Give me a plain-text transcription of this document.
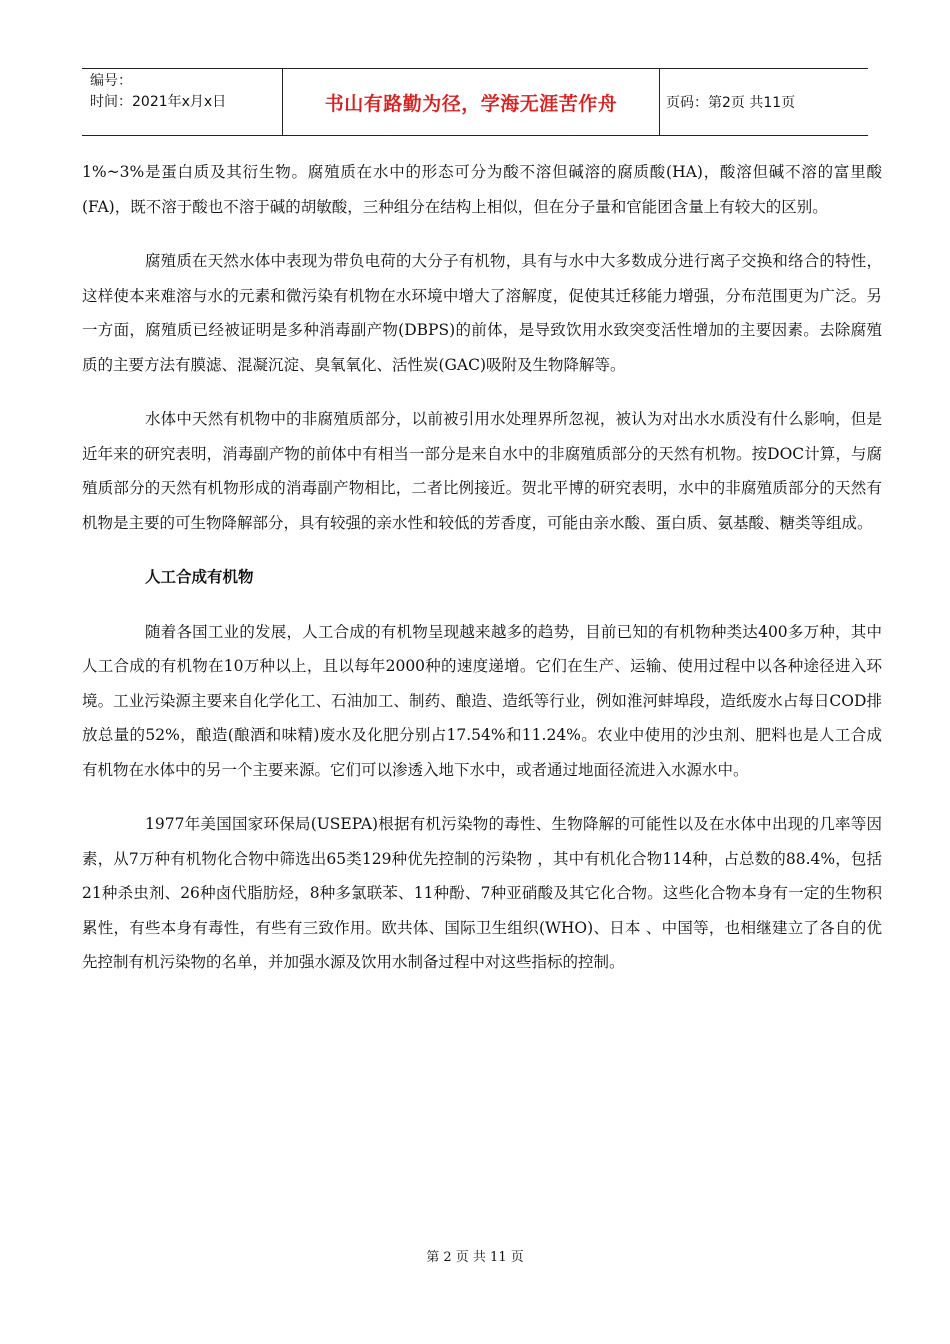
编号：
时间：2021年x月x日	书山有路勤为径，学海无涯苦作舟	页码：第2页 共11页

1%~3%是蛋白质及其衍生物。腐殖质在水中的形态可分为酸不溶但碱溶的腐质酸(HA)，酸溶但碱不溶的富里酸(FA)，既不溶于酸也不溶于碱的胡敏酸，三种组分在结构上相似，但在分子量和官能团含量上有较大的区别。

腐殖质在天然水体中表现为带负电荷的大分子有机物，具有与水中大多数成分进行离子交换和络合的特性，这样使本来难溶与水的元素和微污染有机物在水环境中增大了溶解度，促使其迁移能力增强，分布范围更为广泛。另一方面，腐殖质已经被证明是多种消毒副产物(DBPS)的前体，是导致饮用水致突变活性增加的主要因素。去除腐殖质的主要方法有膜滤、混凝沉淀、臭氧氧化、活性炭(GAC)吸附及生物降解等。

水体中天然有机物中的非腐殖质部分，以前被引用水处理界所忽视，被认为对出水水质没有什么影响，但是近年来的研究表明，消毒副产物的前体中有相当一部分是来自水中的非腐殖质部分的天然有机物。按DOC计算，与腐殖质部分的天然有机物形成的消毒副产物相比，二者比例接近。贺北平博的研究表明，水中的非腐殖质部分的天然有机物是主要的可生物降解部分，具有较强的亲水性和较低的芳香度，可能由亲水酸、蛋白质、氨基酸、糖类等组成。

人工合成有机物

随着各国工业的发展，人工合成的有机物呈现越来越多的趋势，目前已知的有机物种类达400多万种，其中人工合成的有机物在10万种以上，且以每年2000种的速度递增。它们在生产、运输、使用过程中以各种途径进入环境。工业污染源主要来自化学化工、石油加工、制药、酿造、造纸等行业，例如淮河蚌埠段，造纸废水占每日COD排放总量的52%，酿造(酿酒和味精)废水及化肥分别占17.54%和11.24%。农业中使用的沙虫剂、肥料也是人工合成有机物在水体中的另一个主要来源。它们可以渗透入地下水中，或者通过地面径流进入水源水中。

1977年美国国家环保局(USEPA)根据有机污染物的毒性、生物降解的可能性以及在水体中出现的几率等因素，从7万种有机物化合物中筛选出65类129种优先控制的污染物 ，其中有机化合物114种，占总数的88.4%，包括21种杀虫剂、26种卤代脂肪烃，8种多氯联苯、11种酚、7种亚硝酸及其它化合物。这些化合物本身有一定的生物积累性，有些本身有毒性，有些有三致作用。欧共体、国际卫生组织(WHO)、日本 、中国等，也相继建立了各自的优先控制有机污染物的名单，并加强水源及饮用水制备过程中对这些指标的控制。

第 2 页 共 11 页
